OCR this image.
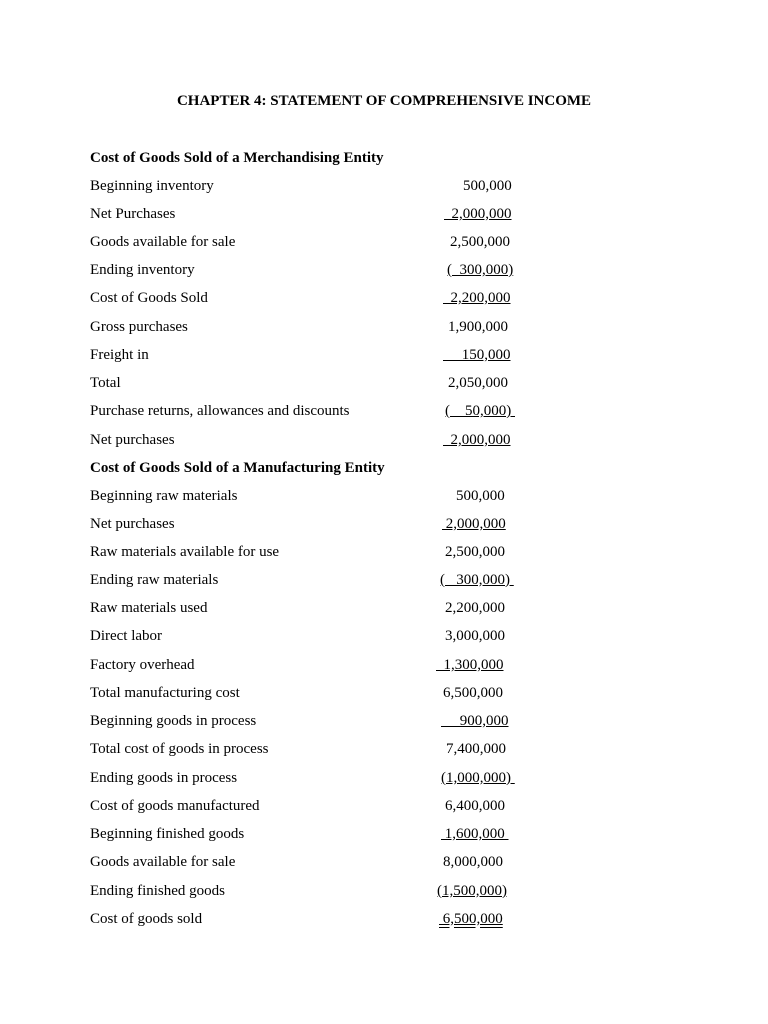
CHAPTER 4: STATEMENT OF COMPREHENSIVE INCOME
Cost of Goods Sold of a Merchandising Entity
Beginning inventory	500,000
Net Purchases	2,000,000
Goods available for sale	2,500,000
Ending inventory	(  300,000)
Cost of Goods Sold	2,200,000
Gross purchases	1,900,000
Freight in	150,000
Total	2,050,000
Purchase returns, allowances and discounts	(    50,000)
Net purchases	2,000,000
Cost of Goods Sold of a Manufacturing Entity
Beginning raw materials	500,000
Net purchases	2,000,000
Raw materials available for use	2,500,000
Ending raw materials	(   300,000)
Raw materials used	2,200,000
Direct labor	3,000,000
Factory overhead	1,300,000
Total manufacturing cost	6,500,000
Beginning goods in process	900,000
Total cost of goods in process	7,400,000
Ending goods in process	(1,000,000)
Cost of goods manufactured	6,400,000
Beginning finished goods	1,600,000
Goods available for sale	8,000,000
Ending finished goods	(1,500,000)
Cost of goods sold	6,500,000
